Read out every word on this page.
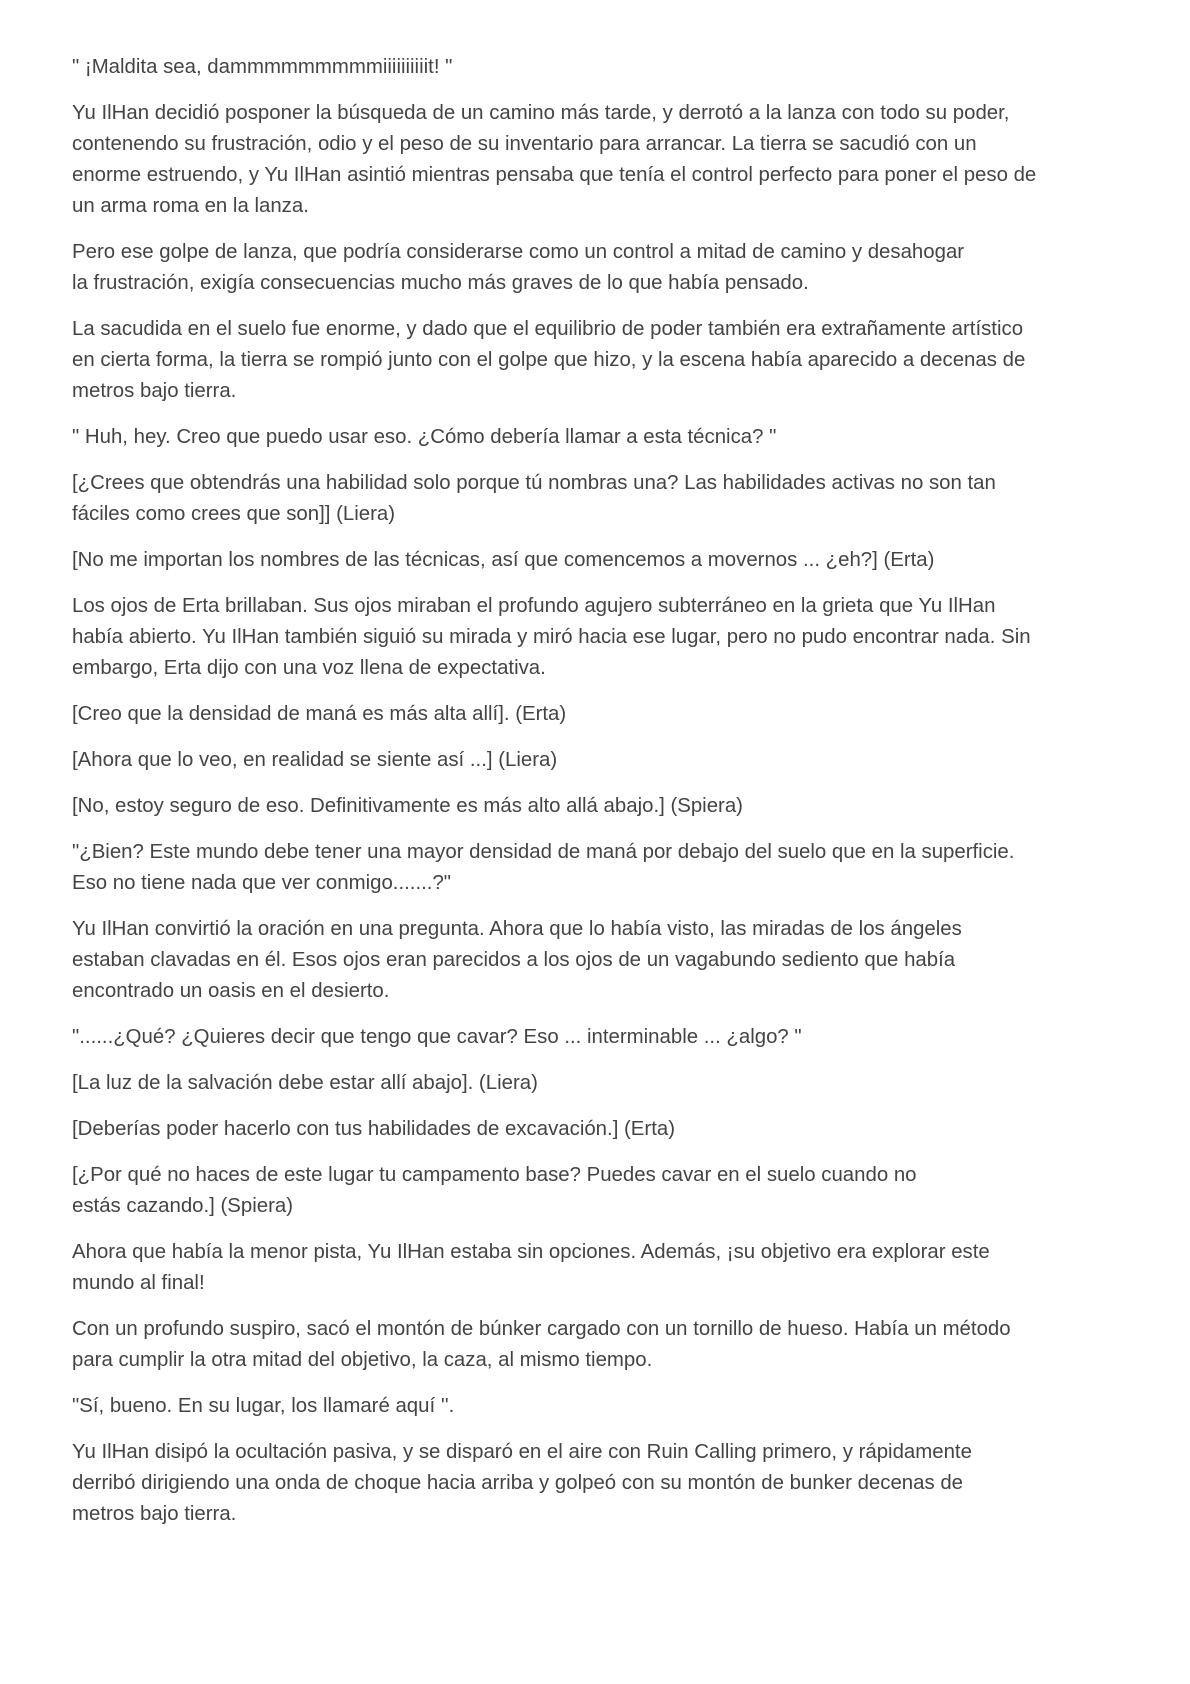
" ¡Maldita sea, dammmmmmmmmiiiiiiiiiit! "

Yu IlHan decidió posponer la búsqueda de un camino más tarde, y derrotó a la lanza con todo su poder,
contenendo su frustración, odio y el peso de su inventario para arrancar. La tierra se sacudió con un
enorme estruendo, y Yu IlHan asintió mientras pensaba que tenía el control perfecto para poner el peso de
un arma roma en la lanza.

Pero ese golpe de lanza, que podría considerarse como un control a mitad de camino y desahogar
la frustración, exigía consecuencias mucho más graves de lo que había pensado.

La sacudida en el suelo fue enorme, y dado que el equilibrio de poder también era extrañamente artístico
en cierta forma, la tierra se rompió junto con el golpe que hizo, y la escena había aparecido a decenas de
metros bajo tierra.

" Huh, hey. Creo que puedo usar eso. ¿Cómo debería llamar a esta técnica? "

[¿Crees que obtendrás una habilidad solo porque tú nombras una? Las habilidades activas no son tan
fáciles como crees que son]] (Liera)

[No me importan los nombres de las técnicas, así que comencemos a movernos ... ¿eh?] (Erta)

Los ojos de Erta brillaban. Sus ojos miraban el profundo agujero subterráneo en la grieta que Yu IlHan
había abierto. Yu IlHan también siguió su mirada y miró hacia ese lugar, pero no pudo encontrar nada. Sin
embargo, Erta dijo con una voz llena de expectativa.

[Creo que la densidad de maná es más alta allí]. (Erta)

[Ahora que lo veo, en realidad se siente así ...] (Liera)

[No, estoy seguro de eso. Definitivamente es más alto allá abajo.] (Spiera)

"¿Bien? Este mundo debe tener una mayor densidad de maná por debajo del suelo que en la superficie.
Eso no tiene nada que ver conmigo.......?"

Yu IlHan convirtió la oración en una pregunta. Ahora que lo había visto, las miradas de los ángeles
estaban clavadas en él. Esos ojos eran parecidos a los ojos de un vagabundo sediento que había
encontrado un oasis en el desierto.

"......¿Qué? ¿Quieres decir que tengo que cavar? Eso ... interminable ... ¿algo? "

[La luz de la salvación debe estar allí abajo]. (Liera)

[Deberías poder hacerlo con tus habilidades de excavación.] (Erta)

[¿Por qué no haces de este lugar tu campamento base? Puedes cavar en el suelo cuando no
estás cazando.] (Spiera)

Ahora que había la menor pista, Yu IlHan estaba sin opciones. Además, ¡su objetivo era explorar este
mundo al final!

Con un profundo suspiro, sacó el montón de búnker cargado con un tornillo de hueso. Había un método
para cumplir la otra mitad del objetivo, la caza, al mismo tiempo.

"Sí, bueno. En su lugar, los llamaré aquí ''.

Yu IlHan disipó la ocultación pasiva, y se disparó en el aire con Ruin Calling primero, y rápidamente
derribó dirigiendo una onda de choque hacia arriba y golpeó con su montón de bunker decenas de
metros bajo tierra.
